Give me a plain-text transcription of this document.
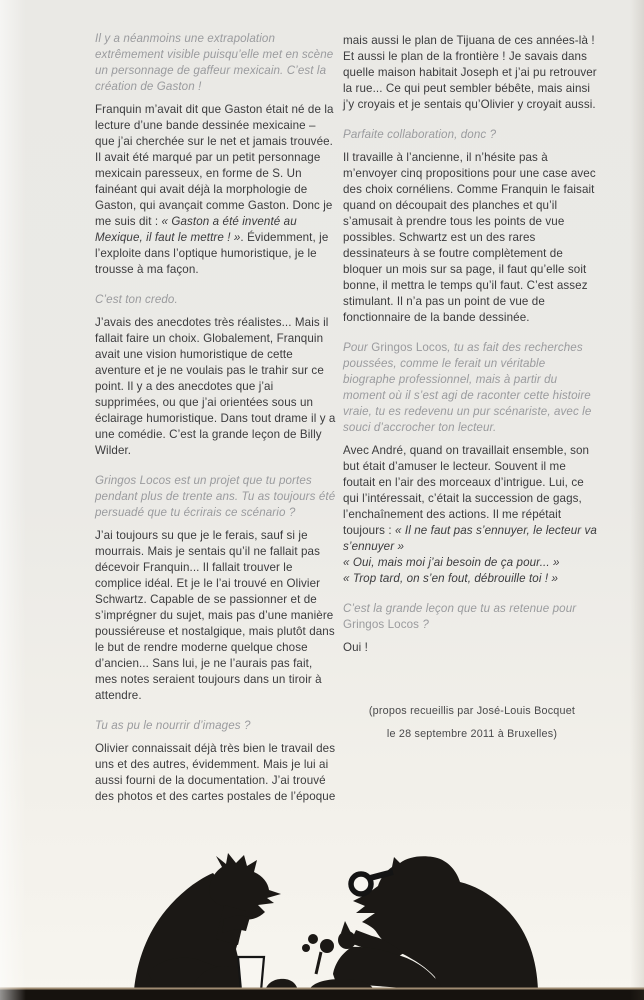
Il y a néanmoins une extrapolation extrêmement visible puisqu’elle met en scène un personnage de gaffeur mexicain. C’est la création de Gaston !

Franquin m’avait dit que Gaston était né de la lecture d’une bande dessinée mexicaine – que j’ai cherchée sur le net et jamais trouvée. Il avait été marqué par un petit personnage mexicain paresseux, en forme de S. Un fainéant qui avait déjà la morphologie de Gaston, qui avançait comme Gaston. Donc je me suis dit : « Gaston a été inventé au Mexique, il faut le mettre ! ». Évidemment, je l’exploite dans l’optique humoristique, je le trousse à ma façon.

C’est ton credo.

J’avais des anecdotes très réalistes... Mais il fallait faire un choix. Globalement, Franquin avait une vision humoristique de cette aventure et je ne voulais pas le trahir sur ce point. Il y a des anecdotes que j’ai supprimées, ou que j’ai orientées sous un éclairage humoristique. Dans tout drame il y a une comédie. C’est la grande leçon de Billy Wilder.

Gringos Locos est un projet que tu portes pendant plus de trente ans. Tu as toujours été persuadé que tu écrirais ce scénario ?

J’ai toujours su que je le ferais, sauf si je mourrais. Mais je sentais qu’il ne fallait pas décevoir Franquin... Il fallait trouver le complice idéal. Et je le l’ai trouvé en Olivier Schwartz. Capable de se passionner et de s’imprégner du sujet, mais pas d’une manière poussiéreuse et nostalgique, mais plutôt dans le but de rendre moderne quelque chose d’ancien... Sans lui, je ne l’aurais pas fait, mes notes seraient toujours dans un tiroir à attendre.

Tu as pu le nourrir d’images ?

Olivier connaissait déjà très bien le travail des uns et des autres, évidemment. Mais je lui ai aussi fourni de la documentation. J’ai trouvé des photos et des cartes postales de l’époque

mais aussi le plan de Tijuana de ces années-là ! Et aussi le plan de la frontière ! Je savais dans quelle maison habitait Joseph et j’ai pu retrouver la rue... Ce qui peut sembler bébête, mais ainsi j’y croyais et je sentais qu’Olivier y croyait aussi.

Parfaite collaboration, donc ?

Il travaille à l’ancienne, il n’hésite pas à m’envoyer cinq propositions pour une case avec des choix cornéliens. Comme Franquin le faisait quand on découpait des planches et qu’il s’amusait à prendre tous les points de vue possibles. Schwartz est un des rares dessinateurs à se foutre complètement de bloquer un mois sur sa page, il faut qu’elle soit bonne, il mettra le temps qu’il faut. C’est assez stimulant. Il n’a pas un point de vue de fonctionnaire de la bande dessinée.

Pour Gringos Locos, tu as fait des recherches poussées, comme le ferait un véritable biographe professionnel, mais à partir du moment où il s’est agi de raconter cette histoire vraie, tu es redevenu un pur scénariste, avec le souci d’accrocher ton lecteur.

Avec André, quand on travaillait ensemble, son but était d’amuser le lecteur. Souvent il me foutait en l’air des morceaux d’intrigue. Lui, ce qui l’intéressait, c’était la succession de gags, l’enchaînement des actions. Il me répétait toujours : « Il ne faut pas s’ennuyer, le lecteur va s’ennuyer »
« Oui, mais moi j’ai besoin de ça pour... »
« Trop tard, on s’en fout, débrouille toi ! »

C’est la grande leçon que tu as retenue pour Gringos Locos ?

Oui !

(propos recueillis par José-Louis Bocquet
le 28 septembre 2011 à Bruxelles)
